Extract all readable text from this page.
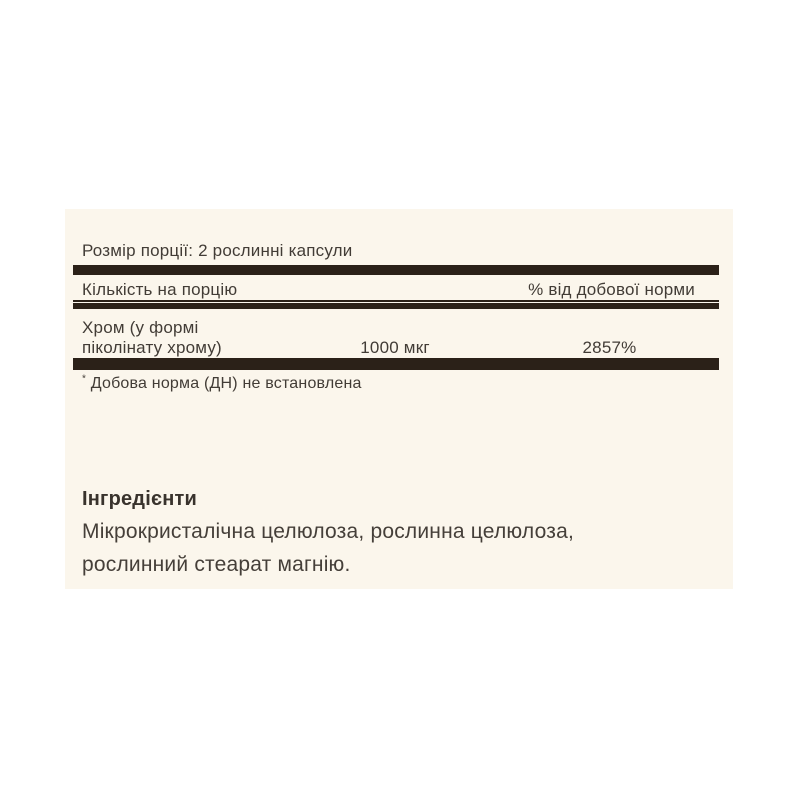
Розмір порції: 2 рослинні капсули
Кількість на порцію	% від добової норми
Хром (у формі
піколінату хрому)	1000 мкг	2857%
* Добова норма (ДН) не встановлена
Інгредієнти
Мікрокристалічна целюлоза, рослинна целюлоза,
рослинний стеарат магнію.
